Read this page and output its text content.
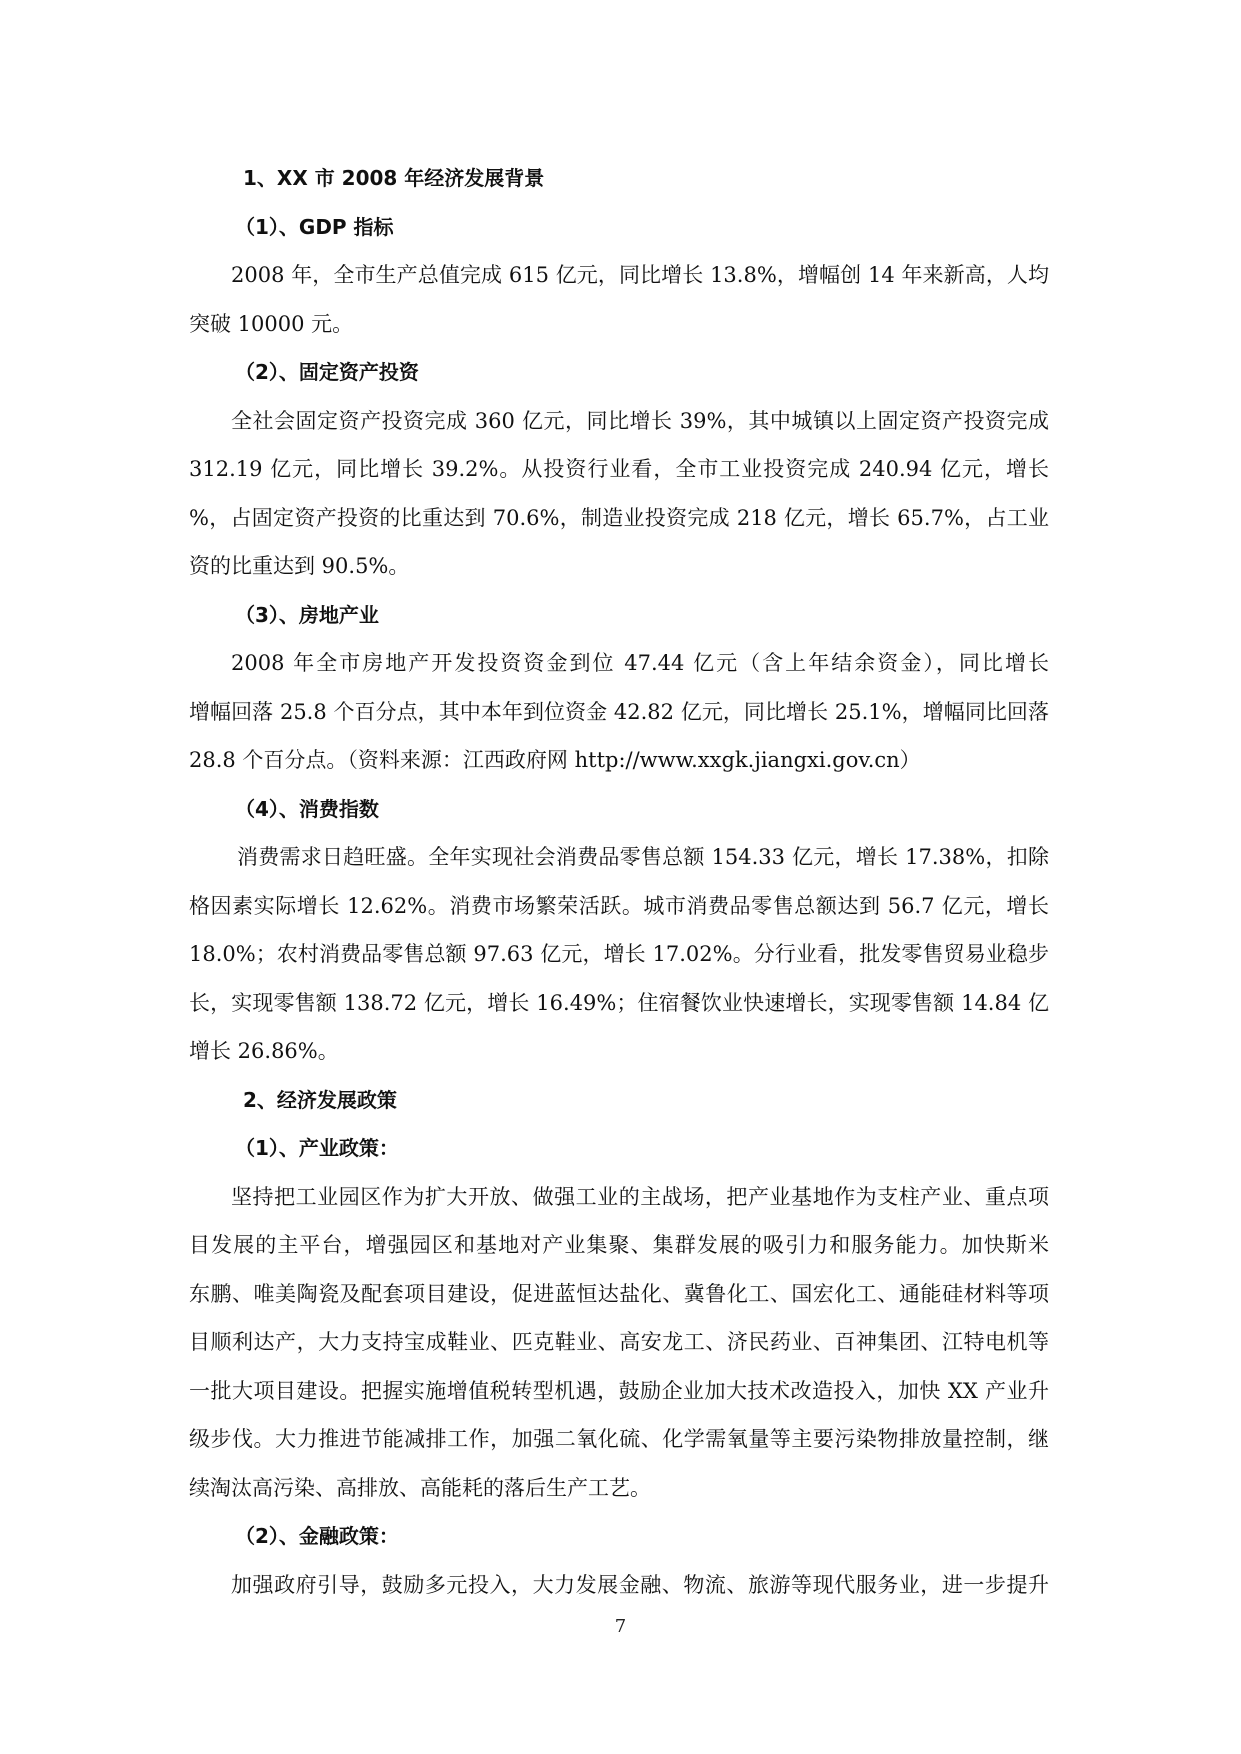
1、XX 市 2008 年经济发展背景
（1）、GDP 指标
2008 年，全市生产总值完成 615 亿元，同比增长 13.8%，增幅创 14 年来新高，人均
突破 10000 元。
（2）、固定资产投资
全社会固定资产投资完成 360 亿元，同比增长 39%，其中城镇以上固定资产投资完成
312.19 亿元，同比增长 39.2%。从投资行业看，全市工业投资完成 240.94 亿元，增长
%，占固定资产投资的比重达到 70.6%，制造业投资完成 218 亿元，增长 65.7%，占工业
资的比重达到 90.5%。
（3）、房地产业
2008 年全市房地产开发投资资金到位 47.44 亿元（含上年结余资金），同比增长
增幅回落 25.8 个百分点，其中本年到位资金 42.82 亿元，同比增长 25.1%，增幅同比回落
28.8 个百分点。（资料来源：江西政府网 http://www.xxgk.jiangxi.gov.cn）
（4）、消费指数
消费需求日趋旺盛。全年实现社会消费品零售总额 154.33 亿元，增长 17.38%，扣除
格因素实际增长 12.62%。消费市场繁荣活跃。城市消费品零售总额达到 56.7 亿元，增长
18.0%；农村消费品零售总额 97.63 亿元，增长 17.02%。分行业看，批发零售贸易业稳步
长，实现零售额 138.72 亿元，增长 16.49%；住宿餐饮业快速增长，实现零售额 14.84 亿
增长 26.86%。
2、经济发展政策
（1）、产业政策：
坚持把工业园区作为扩大开放、做强工业的主战场，把产业基地作为支柱产业、重点项
目发展的主平台，增强园区和基地对产业集聚、集群发展的吸引力和服务能力。加快斯米
东鹏、唯美陶瓷及配套项目建设，促进蓝恒达盐化、冀鲁化工、国宏化工、通能硅材料等项
目顺利达产，大力支持宝成鞋业、匹克鞋业、高安龙工、济民药业、百神集团、江特电机等
一批大项目建设。把握实施增值税转型机遇，鼓励企业加大技术改造投入，加快 XX 产业升
级步伐。大力推进节能减排工作，加强二氧化硫、化学需氧量等主要污染物排放量控制，继
续淘汰高污染、高排放、高能耗的落后生产工艺。
（2）、金融政策：
加强政府引导，鼓励多元投入，大力发展金融、物流、旅游等现代服务业，进一步提升
7
